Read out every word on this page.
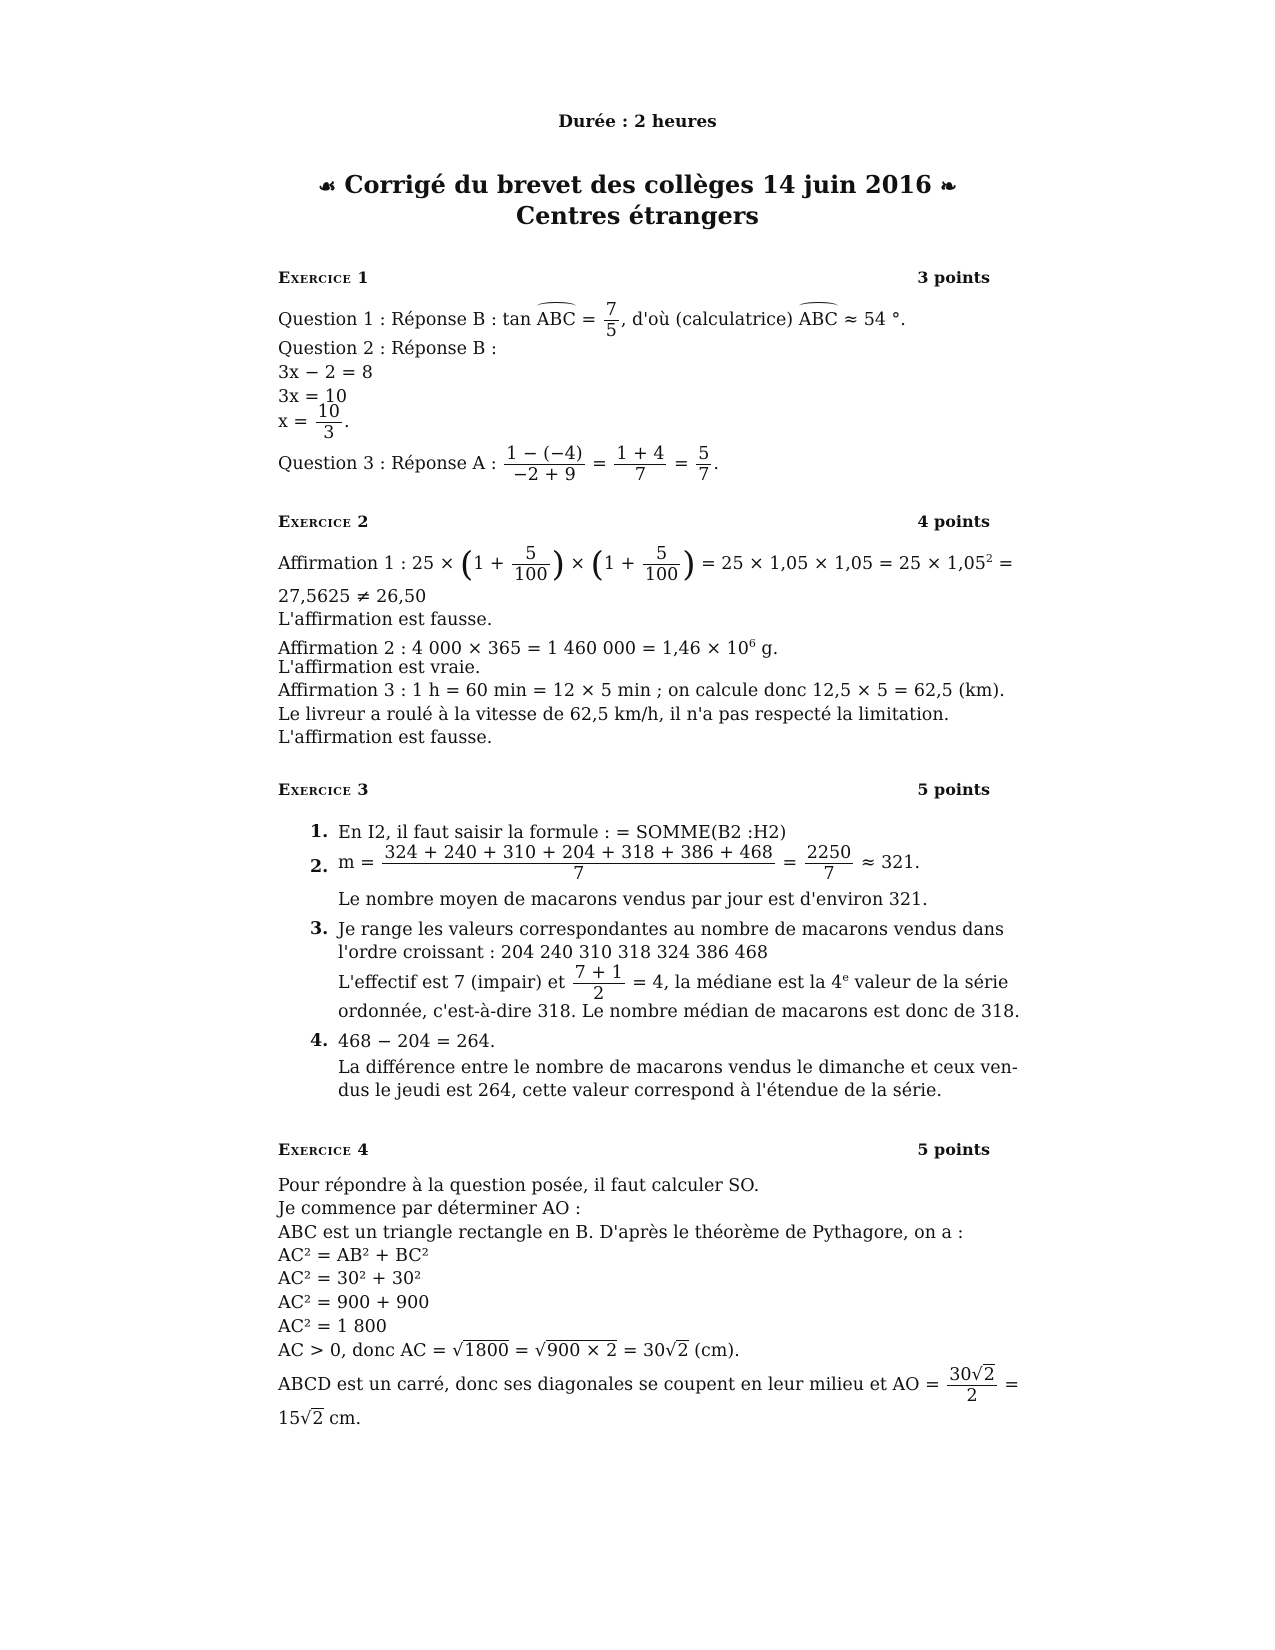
Durée : 2 heures
☙ Corrigé du brevet des collèges 14 juin 2016 ❧
Centres étrangers
Exercice 1	3 points
Question 1 : Réponse B : tan ABC = $\frac{7}{5}$ , d'où (calculatrice) ABC ≈ 54 °.
Question 2 : Réponse B :
3x − 2 = 8
3x = 10
$x = \frac{10}{3}$ .
Question 3 : Réponse A : $\frac{1 - (-4)}{-2 + 9} = \frac{1 + 4}{7} = \frac{5}{7}$ .
Exercice 2	4 points
Affirmation 1 : $25 \times (1 + \frac{5}{100}$ ) × ($1 + \frac{5}{100}$ ) = $25 \times 1,05 \times 1,05 = 25 \times 1,05^2$ =
27,5625 ≠ 26,50
L'affirmation est fausse.
Affirmation 2 : 4 000 × 365 = 1 460 $000 = 1,46 \times 10^6$ g.
L'affirmation est vraie.
Affirmation 3 : 1 h = 60 min = 12 × 5 min ; on calcule donc 12,5 × 5 = 62,5 (km).
Le livreur a roulé à la vitesse de 62,5 km/h, il n'a pas respecté la limitation.
L'affirmation est fausse.
Exercice 3	5 points
1. En I2, il faut saisir la formule : = SOMME(B2 :H2)
2. $m = \frac{324 + 240 + 310 + 204 + 318 + 386 + 468}{7} = \frac{2250}{7} \approx 321$.
Le nombre moyen de macarons vendus par jour est d'environ 321.
3. Je range les valeurs correspondantes au nombre de macarons vendus dans
l'ordre croissant : 204 240 310 318 324 386 468
L'effectif est 7 (impair) et $\frac{7 + 1}{2} = 4$, la médiane est la 4e valeur de la série
ordonnée, c'est-à-dire 318. Le nombre médian de macarons est donc de 318.
4. 468 − 204 = 264.
La différence entre le nombre de macarons vendus le dimanche et ceux ven-
dus le jeudi est 264, cette valeur correspond à l'étendue de la série.
Exercice 4	5 points
Pour répondre à la question posée, il faut calculer SO.
Je commence par déterminer AO :
ABC est un triangle rectangle en B. D'après le théorème de Pythagore, on a :
AC² = AB² + BC²
AC² = 30² + 30²
AC² = 900 + 900
AC² = 1 800
AC > 0, donc AC = √1800 = √900 × 2 = 30√2 (cm).
ABCD est un carré, donc ses diagonales se coupent en leur milieu et AO = $\frac{30√2}{2}$ =
15√2 cm.
